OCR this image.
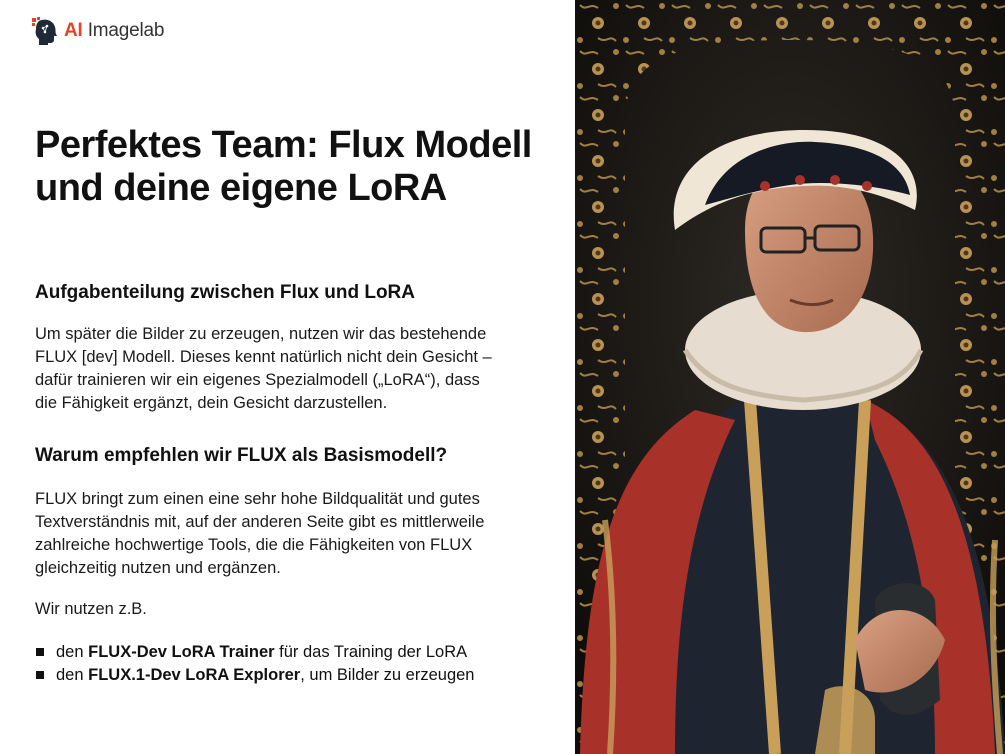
AI Imagelab
Perfektes Team: Flux Modell und deine eigene LoRA
Aufgabenteilung zwischen Flux und LoRA

Um später die Bilder zu erzeugen, nutzen wir das bestehende FLUX [dev] Modell. Dieses kennt natürlich nicht dein Gesicht – dafür trainieren wir ein eigenes Spezialmodell („LoRA“), dass die Fähigkeit ergänzt, dein Gesicht darzustellen.

Warum empfehlen wir FLUX als Basismodell?

FLUX bringt zum einen eine sehr hohe Bildqualität und gutes Textverständnis mit, auf der anderen Seite gibt es mittlerweile zahlreiche hochwertige Tools, die die Fähigkeiten von FLUX gleichzeitig nutzen und ergänzen.

Wir nutzen z.B.

den FLUX-Dev LoRA Trainer für das Training der LoRA
den FLUX.1-Dev LoRA Explorer, um Bilder zu erzeugen
